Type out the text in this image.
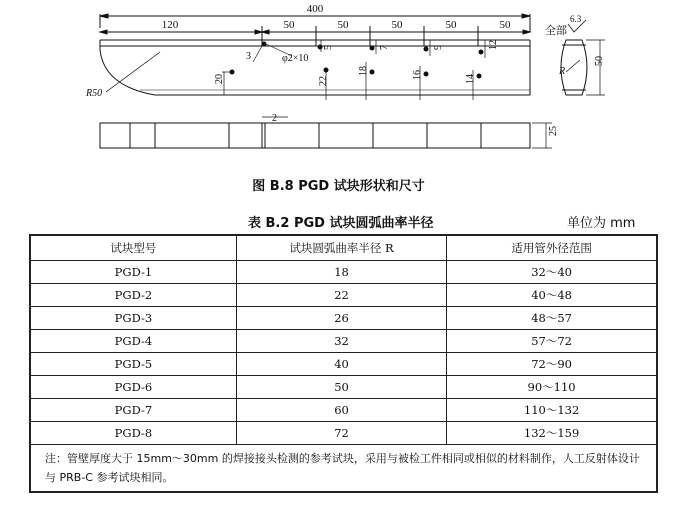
400
120	50	50	50	50	50
R50
3	φ2×10
5	7	9	12
20	22
18	16	14
2
25
50
R
全部
6.3
图 B.8 PGD 试块形状和尺寸
表 B.2 PGD 试块圆弧曲率半径	单位为 mm
试块型号	试块圆弧曲率半径 R	适用管外径范围
PGD-1	18	32～40
PGD-2	22	40～48
PGD-3	26	48～57
PGD-4	32	57～72
PGD-5	40	72～90
PGD-6	50	90～110
PGD-7	60	110～132
PGD-8	72	132～159
注：管壁厚度大于 15mm～30mm 的焊接接头检测的参考试块，采用与被检工件相同或相似的材料制作，人工反射体设计与 PRB-C 参考试块相同。		
